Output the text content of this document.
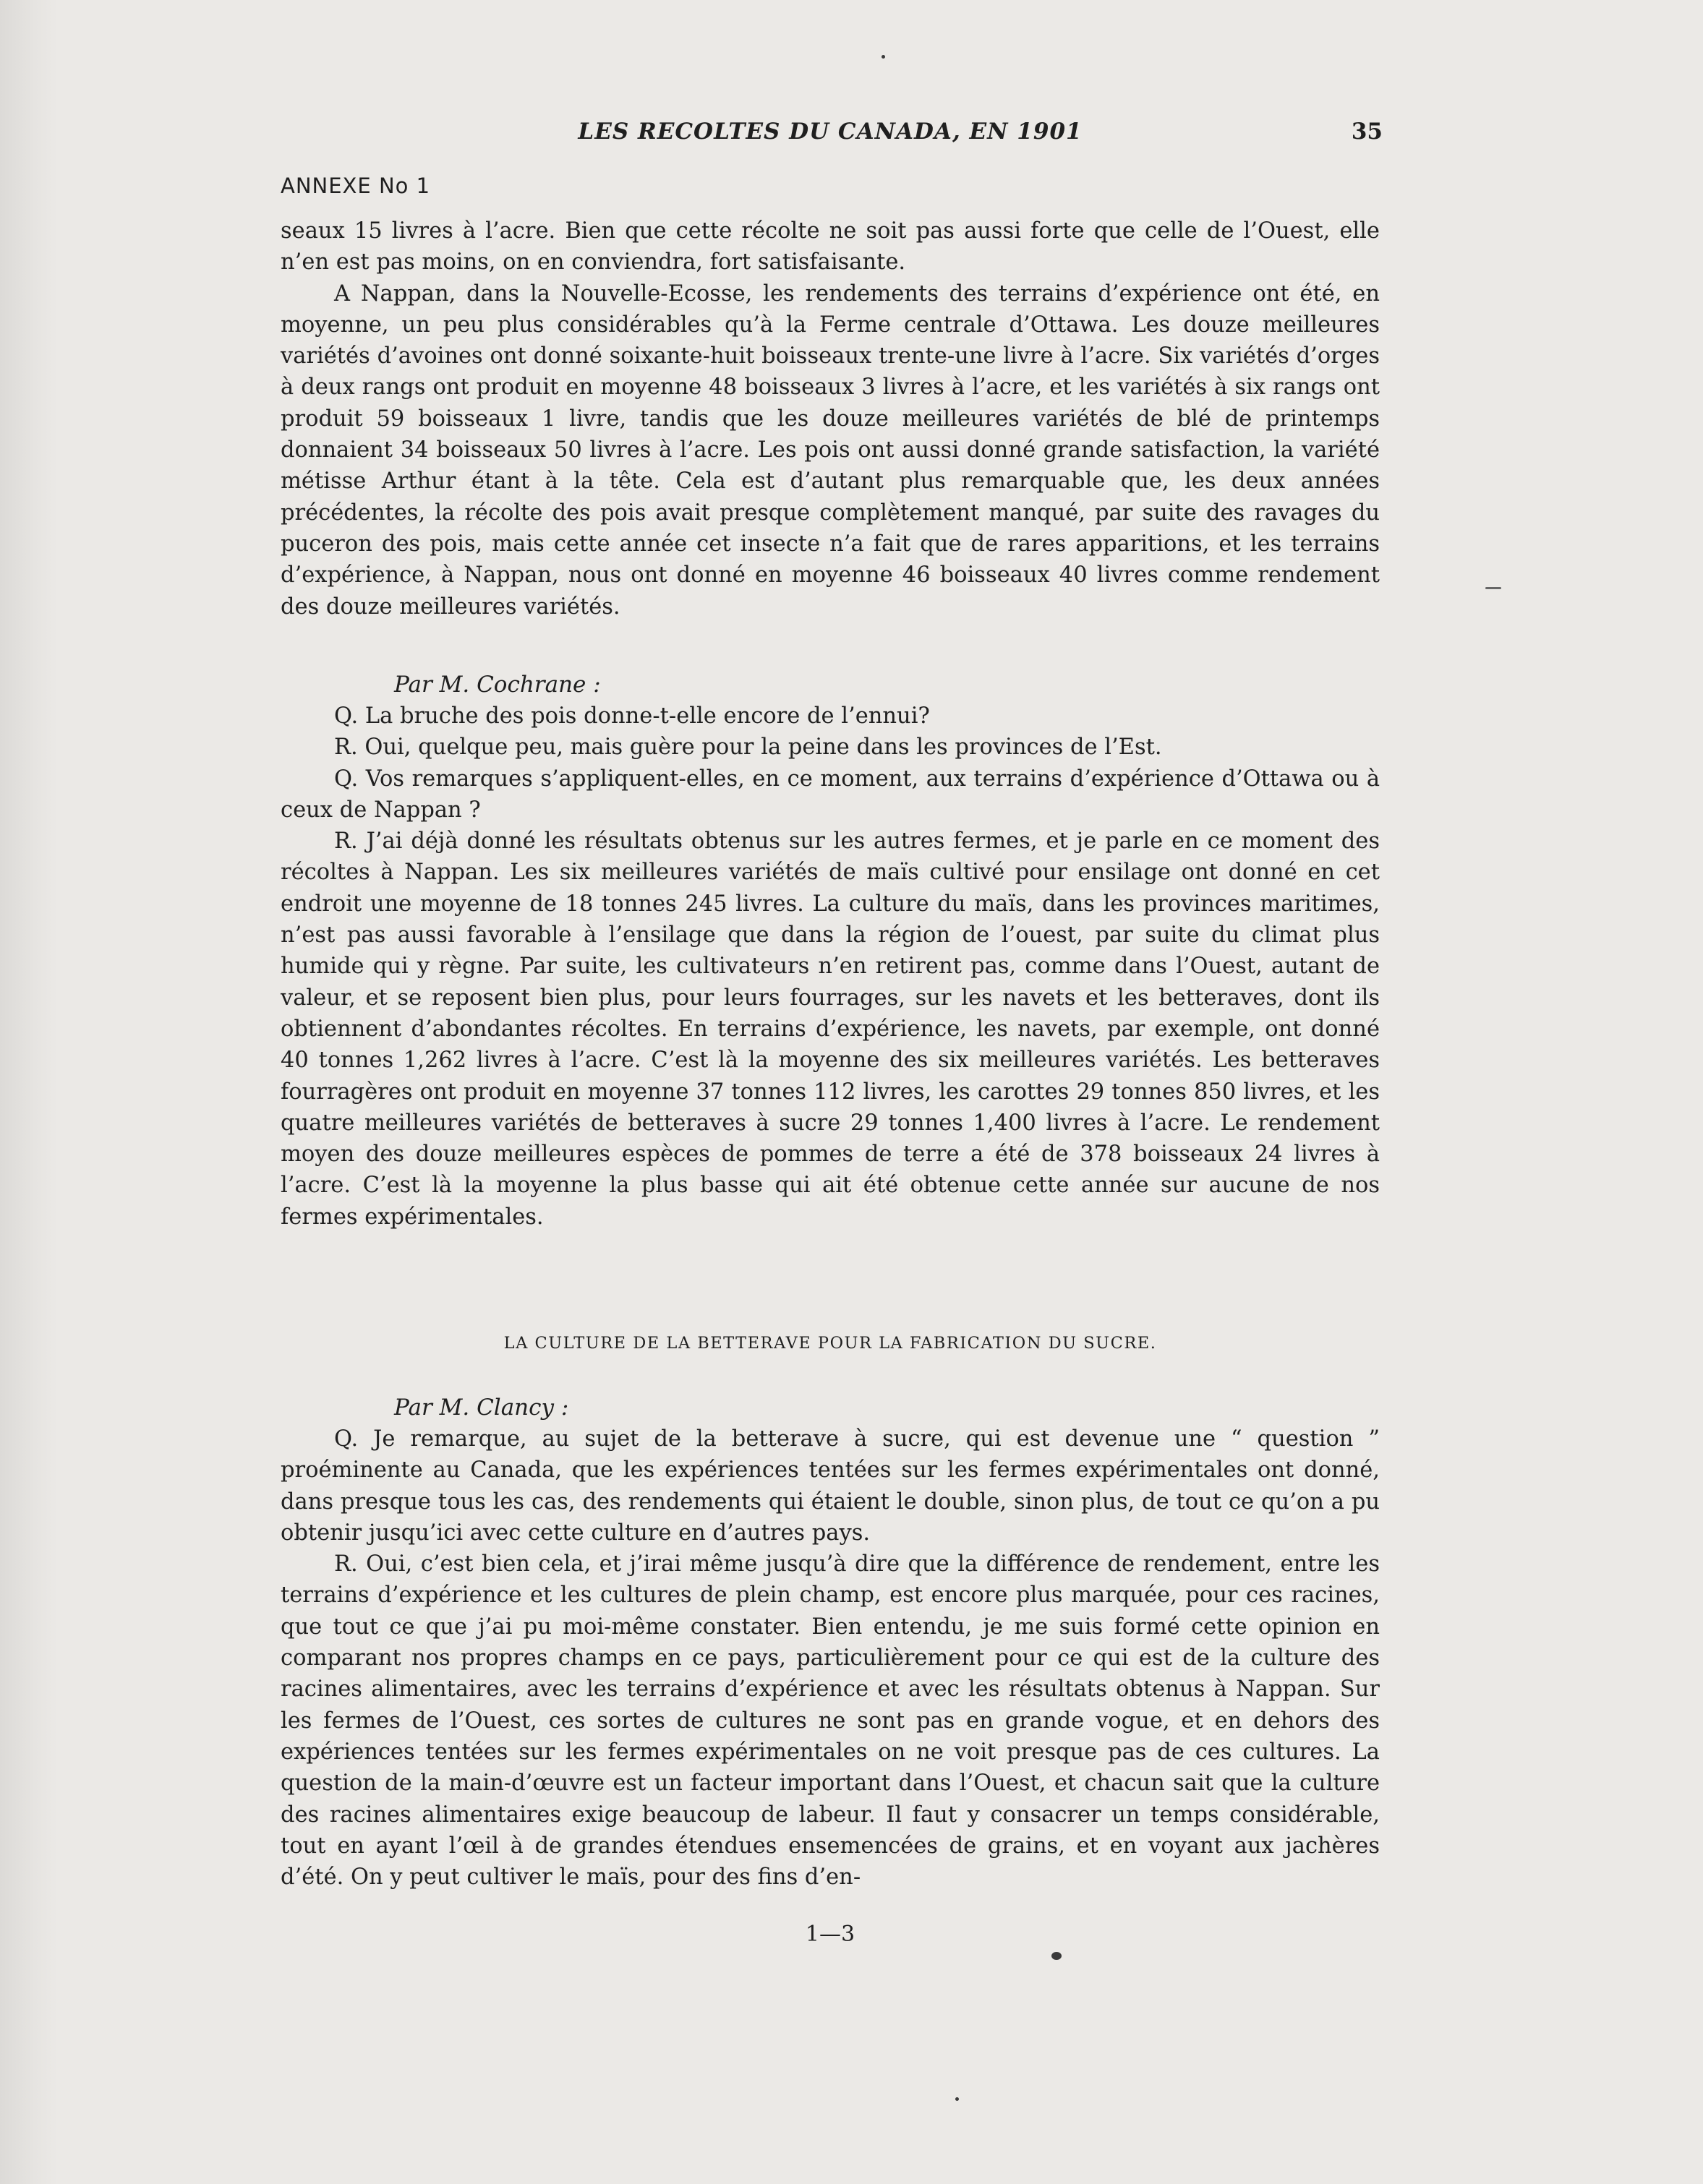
LES RECOLTES DU CANADA, EN 1901	35
ANNEXE No 1

seaux 15 livres à l’acre. Bien que cette récolte ne soit pas aussi forte que celle de l’Ouest, elle n’en est pas moins, on en conviendra, fort satisfaisante.

A Nappan, dans la Nouvelle-Ecosse, les rendements des terrains d’expérience ont été, en moyenne, un peu plus considérables qu’à la Ferme centrale d’Ottawa. Les douze meilleures variétés d’avoines ont donné soixante-huit boisseaux trente-une livre à l’acre. Six variétés d’orges à deux rangs ont produit en moyenne 48 boisseaux 3 livres à l’acre, et les variétés à six rangs ont produit 59 boisseaux 1 livre, tandis que les douze meilleures variétés de blé de printemps donnaient 34 boisseaux 50 livres à l’acre. Les pois ont aussi donné grande satisfaction, la variété métisse Arthur étant à la tête. Cela est d’autant plus remarquable que, les deux années précédentes, la récolte des pois avait presque complètement manqué, par suite des ravages du puceron des pois, mais cette année cet insecte n’a fait que de rares apparitions, et les terrains d’expérience, à Nappan, nous ont donné en moyenne 46 boisseaux 40 livres comme rendement des douze meilleures variétés.

Par M. Cochrane :

Q. La bruche des pois donne-t-elle encore de l’ennui?

R. Oui, quelque peu, mais guère pour la peine dans les provinces de l’Est.

Q. Vos remarques s’appliquent-elles, en ce moment, aux terrains d’expérience d’Ottawa ou à ceux de Nappan ?

R. J’ai déjà donné les résultats obtenus sur les autres fermes, et je parle en ce moment des récoltes à Nappan. Les six meilleures variétés de maïs cultivé pour ensilage ont donné en cet endroit une moyenne de 18 tonnes 245 livres. La culture du maïs, dans les provinces maritimes, n’est pas aussi favorable à l’ensilage que dans la région de l’ouest, par suite du climat plus humide qui y règne. Par suite, les cultivateurs n’en retirent pas, comme dans l’Ouest, autant de valeur, et se reposent bien plus, pour leurs fourrages, sur les navets et les betteraves, dont ils obtiennent d’abondantes récoltes. En terrains d’expérience, les navets, par exemple, ont donné 40 tonnes 1,262 livres à l’acre. C’est là la moyenne des six meilleures variétés. Les betteraves fourragères ont produit en moyenne 37 tonnes 112 livres, les carottes 29 tonnes 850 livres, et les quatre meilleures variétés de betteraves à sucre 29 tonnes 1,400 livres à l’acre. Le rendement moyen des douze meilleures espèces de pommes de terre a été de 378 boisseaux 24 livres à l’acre. C’est là la moyenne la plus basse qui ait été obtenue cette année sur aucune de nos fermes expérimentales.

LA CULTURE DE LA BETTERAVE POUR LA FABRICATION DU SUCRE.

Par M. Clancy :

Q. Je remarque, au sujet de la betterave à sucre, qui est devenue une “ question ” proéminente au Canada, que les expériences tentées sur les fermes expérimentales ont donné, dans presque tous les cas, des rendements qui étaient le double, sinon plus, de tout ce qu’on a pu obtenir jusqu’ici avec cette culture en d’autres pays.

R. Oui, c’est bien cela, et j’irai même jusqu’à dire que la différence de rendement, entre les terrains d’expérience et les cultures de plein champ, est encore plus marquée, pour ces racines, que tout ce que j’ai pu moi-même constater. Bien entendu, je me suis formé cette opinion en comparant nos propres champs en ce pays, particulièrement pour ce qui est de la culture des racines alimentaires, avec les terrains d’expérience et avec les résultats obtenus à Nappan. Sur les fermes de l’Ouest, ces sortes de cultures ne sont pas en grande vogue, et en dehors des expériences tentées sur les fermes expérimentales on ne voit presque pas de ces cultures. La question de la main-d’œuvre est un facteur important dans l’Ouest, et chacun sait que la culture des racines alimentaires exige beaucoup de labeur. Il faut y consacrer un temps considérable, tout en ayant l’œil à de grandes étendues ensemencées de grains, et en voyant aux jachères d’été. On y peut cultiver le maïs, pour des fins d’en-

1—3
